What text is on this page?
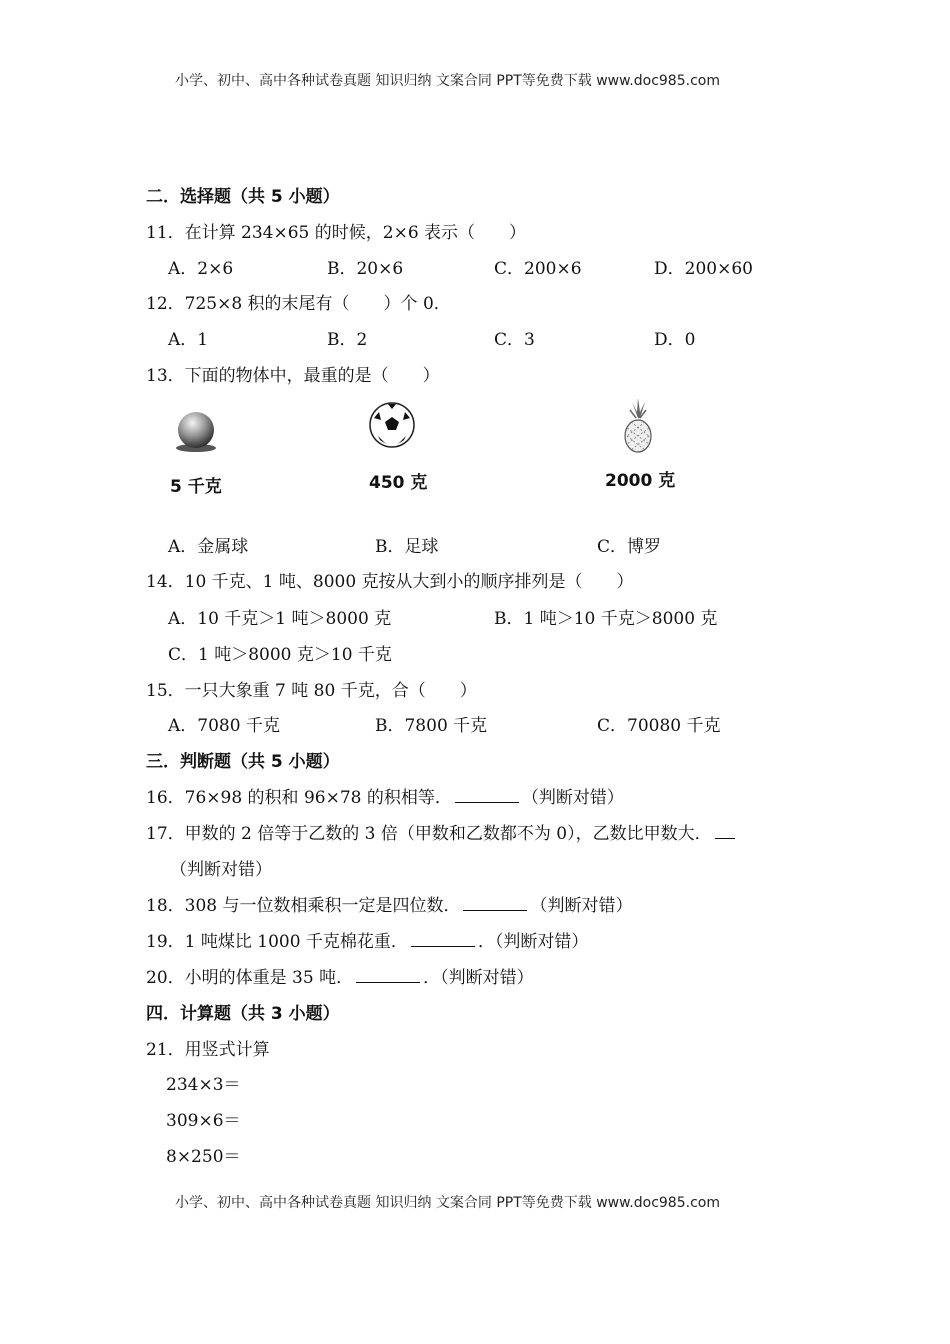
小学、初中、高中各种试卷真题 知识归纳 文案合同 PPT等免费下载 www.doc985.com
二．选择题（共 5 小题）
11．在计算 234×65 的时候，2×6 表示（　　）
A．2×6	B．20×6	C．200×6	D．200×60
12．725×8 积的末尾有（　　）个 0．
A．1	B．2	C．3	D．0
13．下面的物体中，最重的是（　　）
5 千克	450 克	2000 克
A．金属球	B．足球	C．博罗
14．10 千克、1 吨、8000 克按从大到小的顺序排列是（　　）
A．10 千克＞1 吨＞8000 克	B．1 吨＞10 千克＞8000 克
C．1 吨＞8000 克＞10 千克
15．一只大象重 7 吨 80 千克，合（　　）
A．7080 千克	B．7800 千克	C．70080 千克
三．判断题（共 5 小题）
16．76×98 的积和 96×78 的积相等．	（判断对错）
17．甲数的 2 倍等于乙数的 3 倍（甲数和乙数都不为 0），乙数比甲数大．
（判断对错）
18．308 与一位数相乘积一定是四位数．	（判断对错）
19．1 吨煤比 1000 千克棉花重．	．（判断对错）
20．小明的体重是 35 吨．	．（判断对错）
四．计算题（共 3 小题）
21．用竖式计算
234×3＝
309×6＝
8×250＝
小学、初中、高中各种试卷真题 知识归纳 文案合同 PPT等免费下载 www.doc985.com
